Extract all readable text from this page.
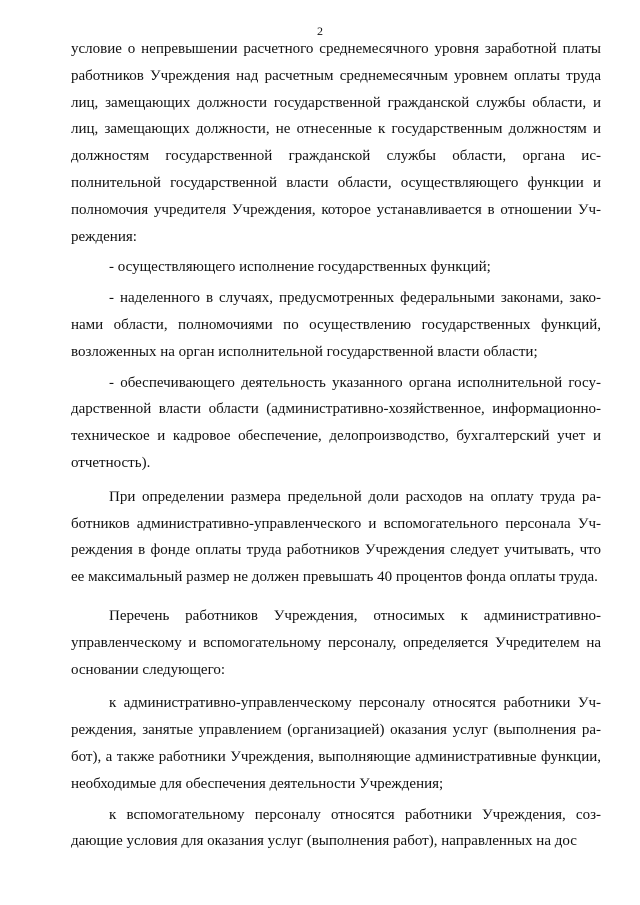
2

условие о непревышении расчетного среднемесячного уровня заработной платы работников Учреждения над расчетным среднемесячным уровнем оплаты труда лиц, замещающих должности государственной гражданской службы области, и лиц, замещающих должности, не отнесенные к государственным должностям и должностям государственной гражданской службы области, органа исполнительной государственной власти области, осуществляющего функции и полномочия учредителя Учреждения, которое устанавливается в отношении Учреждения:

- осуществляющего исполнение государственных функций;

- наделенного в случаях, предусмотренных федеральными законами, законами области, полномочиями по осуществлению государственных функций, возложенных на орган исполнительной государственной власти области;

- обеспечивающего деятельность указанного органа исполнительной государственной власти области (административно-хозяйственное, информационно-техническое и кадровое обеспечение, делопроизводство, бухгалтерский учет и отчетность).

При определении размера предельной доли расходов на оплату труда работников административно-управленческого и вспомогательного персонала Учреждения в фонде оплаты труда работников Учреждения следует учитывать, что ее максимальный размер не должен превышать 40 процентов фонда оплаты труда.

Перечень работников Учреждения, относимых к административно-управленческому и вспомогательному персоналу, определяется Учредителем на основании следующего:

к административно-управленческому персоналу относятся работники Учреждения, занятые управлением (организацией) оказания услуг (выполнения работ), а также работники Учреждения, выполняющие административные функции, необходимые для обеспечения деятельности Учреждения;

к вспомогательному персоналу относятся работники Учреждения, создающие условия для оказания услуг (выполнения работ), направленных на дос
